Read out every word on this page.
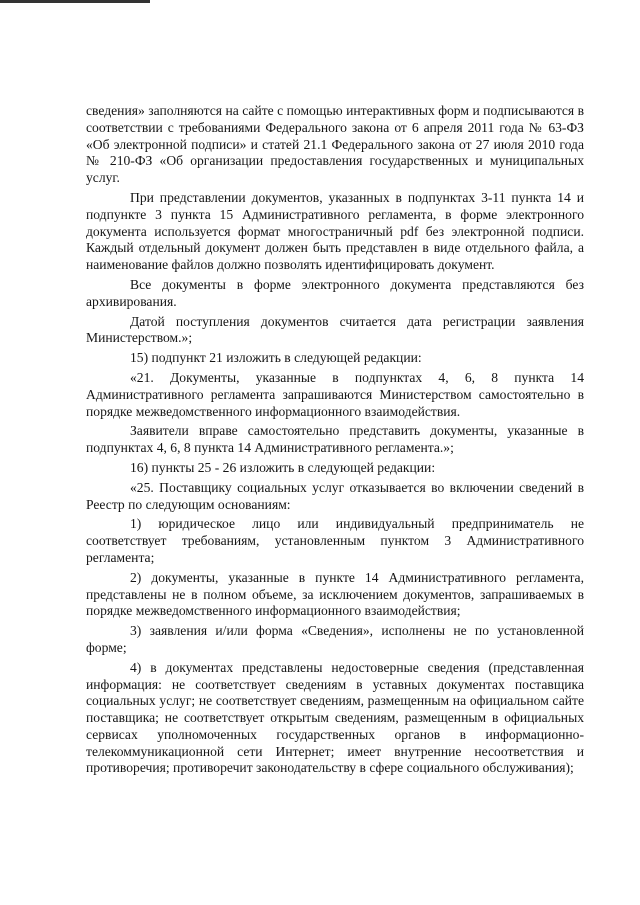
сведения» заполняются на сайте с помощью интерактивных форм и подписываются в соответствии с требованиями Федерального закона от 6 апреля 2011 года № 63-ФЗ «Об электронной подписи» и статей 21.1 Федерального закона от 27 июля 2010 года № 210-ФЗ «Об организации предоставления государственных и муниципальных услуг.

При представлении документов, указанных в подпунктах 3-11 пункта 14 и подпункте 3 пункта 15 Административного регламента, в форме электронного документа используется формат многостраничный pdf без электронной подписи. Каждый отдельный документ должен быть представлен в виде отдельного файла, а наименование файлов должно позволять идентифицировать документ.

Все документы в форме электронного документа представляются без архивирования.

Датой поступления документов считается дата регистрации заявления Министерством.»;

15) подпункт 21 изложить в следующей редакции:

«21. Документы, указанные в подпунктах 4, 6, 8 пункта 14 Административного регламента запрашиваются Министерством самостоятельно в порядке межведомственного информационного взаимодействия.

Заявители вправе самостоятельно представить документы, указанные в подпунктах 4, 6, 8 пункта 14 Административного регламента.»;

16) пункты 25 - 26 изложить в следующей редакции:

«25. Поставщику социальных услуг отказывается во включении сведений в Реестр по следующим основаниям:

1) юридическое лицо или индивидуальный предприниматель не соответствует требованиям, установленным пунктом 3 Административного регламента;

2) документы, указанные в пункте 14 Административного регламента, представлены не в полном объеме, за исключением документов, запрашиваемых в порядке межведомственного информационного взаимодействия;

3) заявления и/или форма «Сведения», исполнены не по установленной форме;

4) в документах представлены недостоверные сведения (представленная информация: не соответствует сведениям в уставных документах поставщика социальных услуг; не соответствует сведениям, размещенным на официальном сайте поставщика; не соответствует открытым сведениям, размещенным в официальных сервисах уполномоченных государственных органов в информационно-телекоммуникационной сети Интернет; имеет внутренние несоответствия и противоречия; противоречит законодательству в сфере социального обслуживания);
